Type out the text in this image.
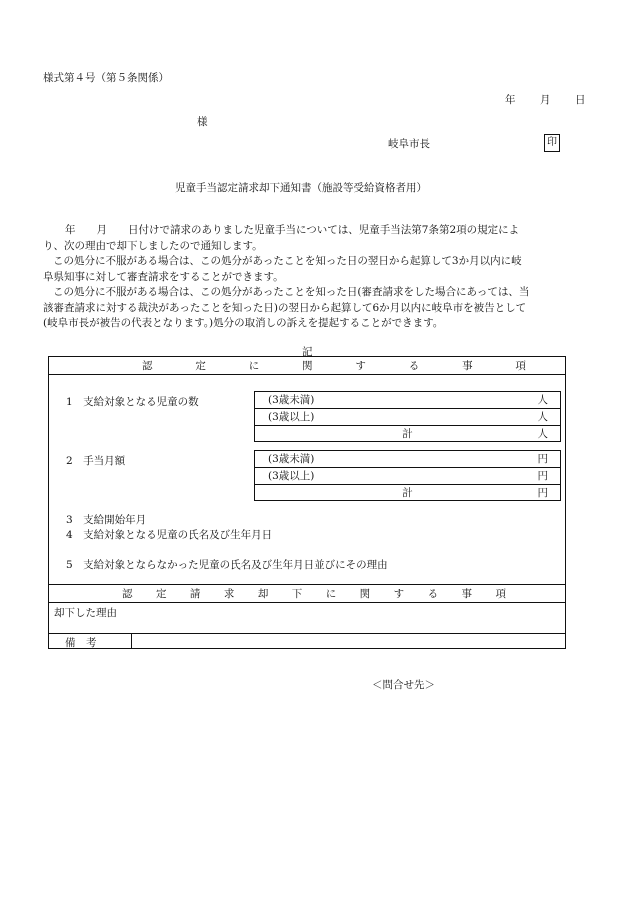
様式第４号（第５条関係）
年 月 日
様
岐阜市長	印
児童手当認定請求却下通知書（施設等受給資格者用）
年　　月　　日付けで請求のありました児童手当については、児童手当法第7条第2項の規定によ
り、次の理由で却下しましたので通知します。
この処分に不服がある場合は、この処分があったことを知った日の翌日から起算して3か月以内に岐
阜県知事に対して審査請求をすることができます。
この処分に不服がある場合は、この処分があったことを知った日(審査請求をした場合にあっては、当
該審査請求に対する裁決があったことを知った日)の翌日から起算して6か月以内に岐阜市を被告として
(岐阜市長が被告の代表となります。)処分の取消しの訴えを提起することができます。
記
認	定	に	関	す	る	事	項
1　支給対象となる児童の数	(3歳未満)	人
(3歳以上)	人
計	人
2　手当月額	(3歳未満)	円
(3歳以上)	円
計	円
3　支給開始年月
4　支給対象となる児童の氏名及び生年月日
5　支給対象とならなかった児童の氏名及び生年月日並びにその理由
認 定 請 求 却 下 に 関 す る 事 項
却下した理由
備　考
＜問合せ先＞
